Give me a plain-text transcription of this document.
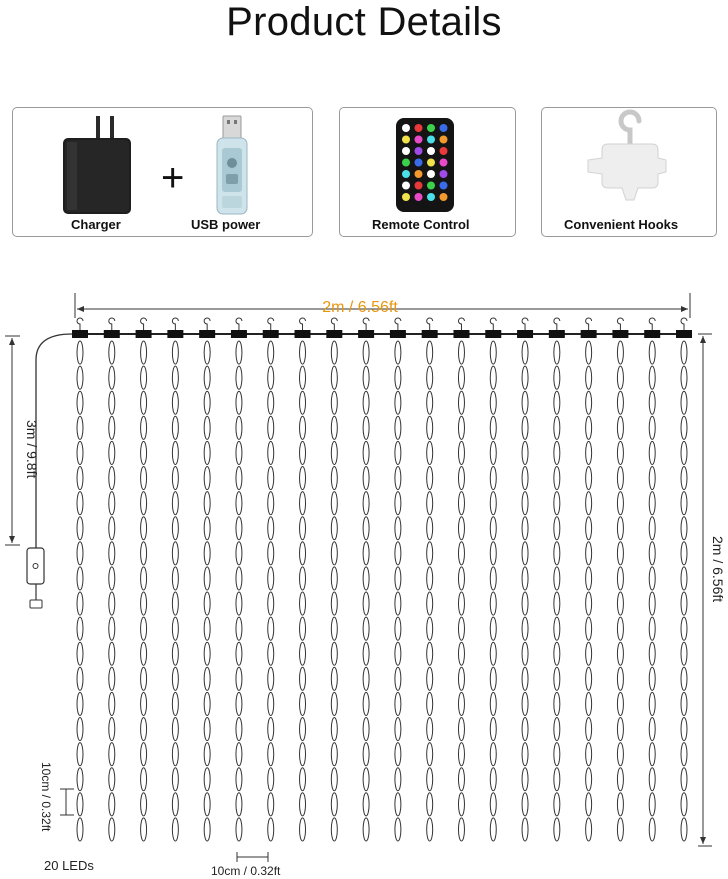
Product Details
+
Charger	USB power	Remote Control	Convenient Hooks
2m / 6.56ft
3m / 9.8ft
2m / 6.56ft
10cm / 0.32ft
20 LEDs	10cm / 0.32ft
